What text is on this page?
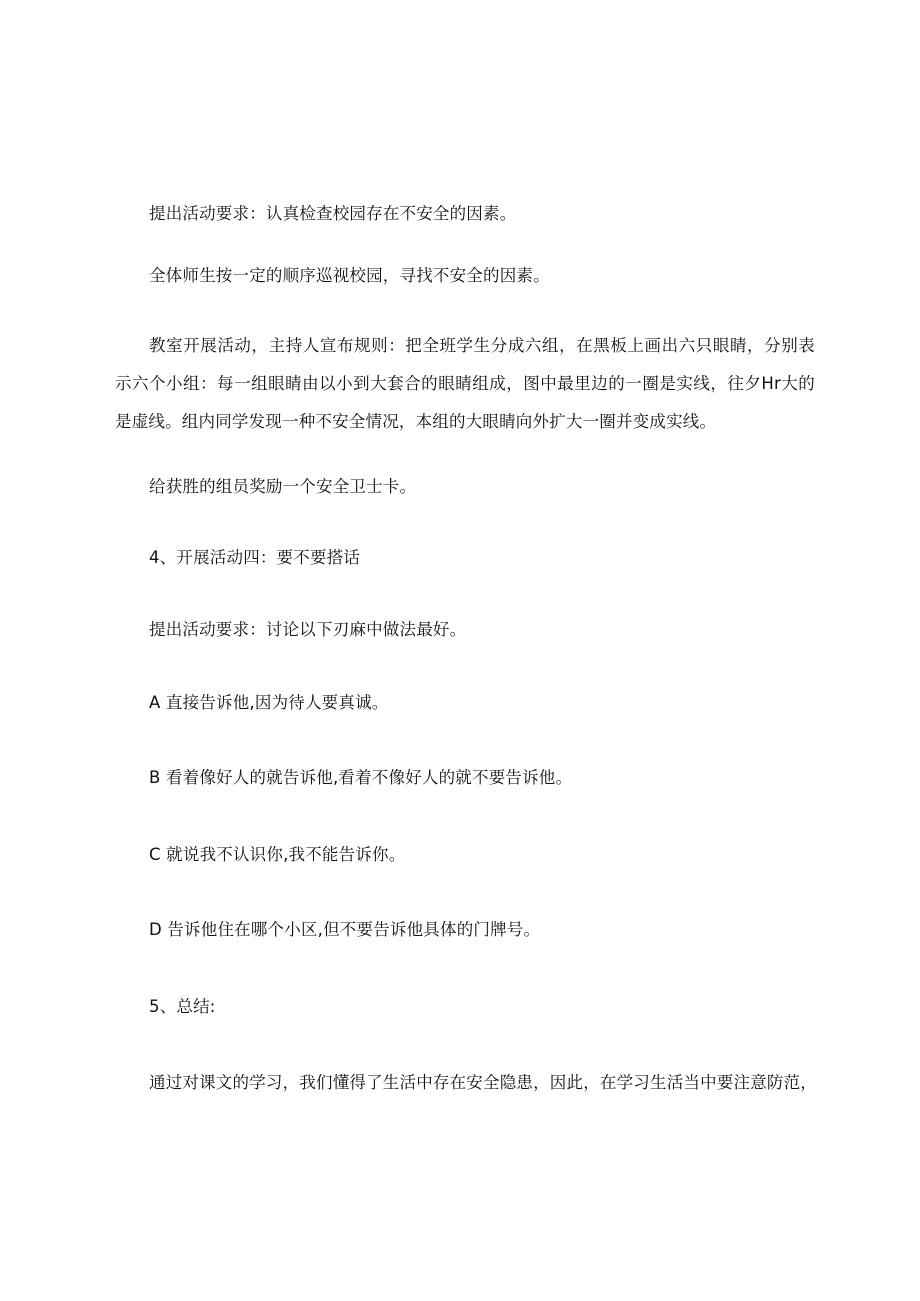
提出活动要求：认真检查校园存在不安全的因素。
全体师生按一定的顺序巡视校园，寻找不安全的因素。

教室开展活动，主持人宣布规则：把全班学生分成六组，在黑板上画出六只眼睛，分别表示六个小组：每一组眼睛由以小到大套合的眼睛组成，图中最里边的一圈是实线，往夕Hr大的是虚线。组内同学发现一种不安全情况，本组的大眼睛向外扩大一圈并变成实线。

给获胜的组员奖励一个安全卫士卡。
4、开展活动四：要不要搭话
提出活动要求：讨论以下刃麻中做法最好。
A 直接告诉他,因为待人要真诚。
B 看着像好人的就告诉他,看着不像好人的就不要告诉他。
C 就说我不认识你,我不能告诉你。
D 告诉他住在哪个小区,但不要告诉他具体的门牌号。
5、总结:
通过对课文的学习，我们懂得了生活中存在安全隐患，因此，在学习生活当中要注意防范，
